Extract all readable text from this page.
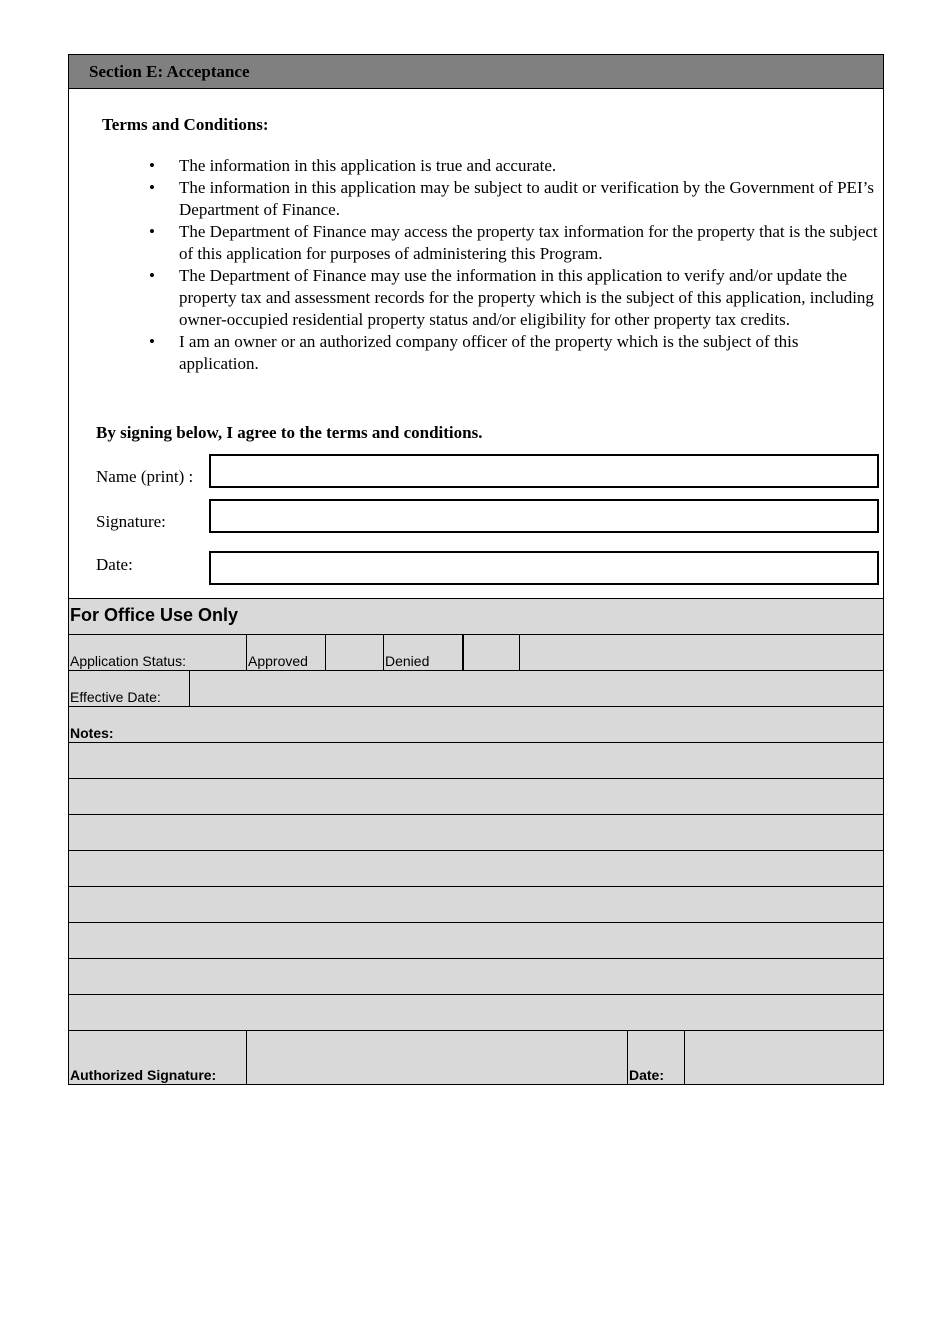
Section E: Acceptance
Terms and Conditions:
• The information in this application is true and accurate.
• The information in this application may be subject to audit or verification by the Government of PEI’s Department of Finance.
• The Department of Finance may access the property tax information for the property that is the subject of this application for purposes of administering this Program.
• The Department of Finance may use the information in this application to verify and/or update the property tax and assessment records for the property which is the subject of this application, including owner-occupied residential property status and/or eligibility for other property tax credits.
• I am an owner or an authorized company officer of the property which is the subject of this application.
By signing below, I agree to the terms and conditions.
Name (print) :
Signature:
Date:
For Office Use Only
Application Status:	Approved	Denied
Effective Date:
Notes:
Authorized Signature:	Date:
